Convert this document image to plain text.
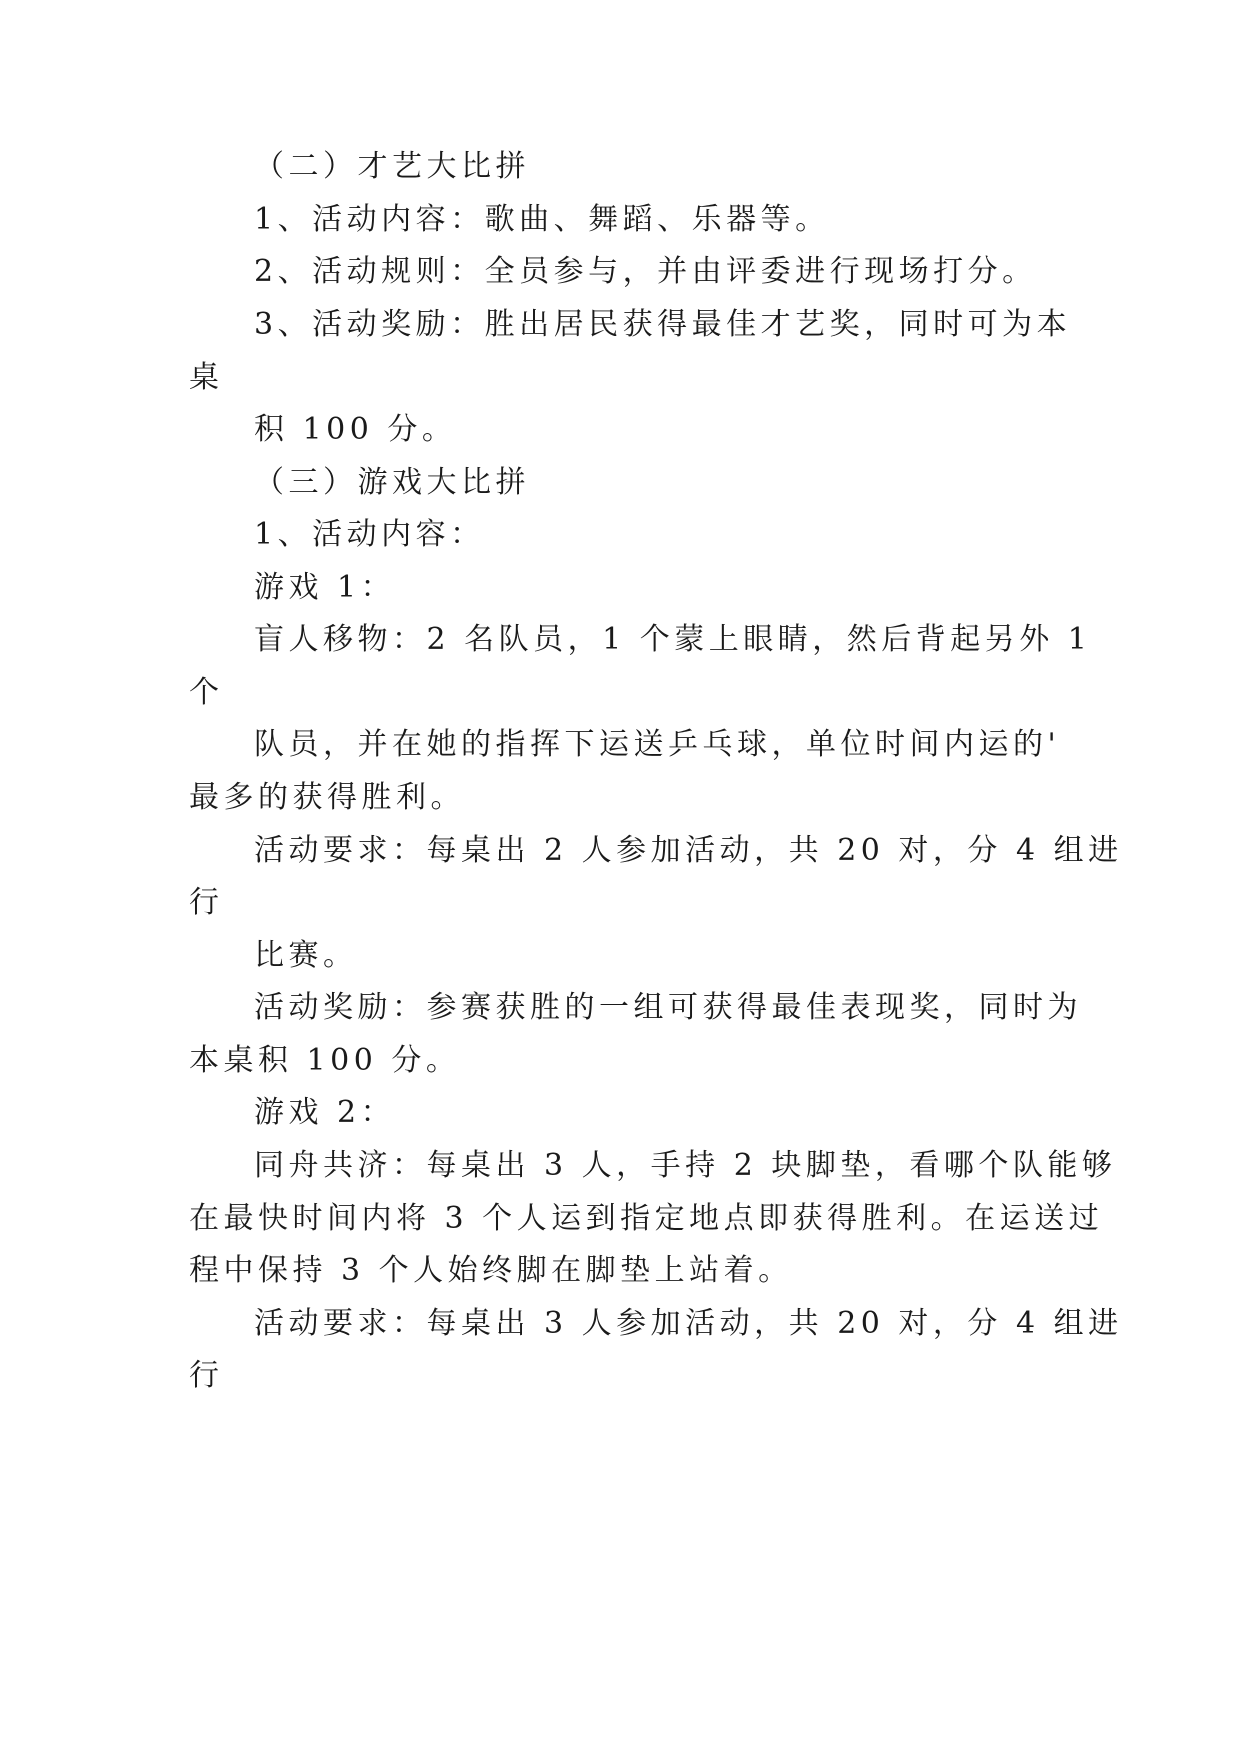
（二）才艺大比拼
1、活动内容：歌曲、舞蹈、乐器等。
2、活动规则：全员参与，并由评委进行现场打分。
3、活动奖励：胜出居民获得最佳才艺奖，同时可为本
桌
积 100 分。
（三）游戏大比拼
1、活动内容：
游戏 1：
盲人移物：2 名队员，1 个蒙上眼睛，然后背起另外 1
个
队员，并在她的指挥下运送乒乓球，单位时间内运的'
最多的获得胜利。
活动要求：每桌出 2 人参加活动，共 20 对，分 4 组进
行
比赛。
活动奖励：参赛获胜的一组可获得最佳表现奖，同时为
本桌积 100 分。
游戏 2：
同舟共济：每桌出 3 人，手持 2 块脚垫，看哪个队能够
在最快时间内将 3 个人运到指定地点即获得胜利。在运送过
程中保持 3 个人始终脚在脚垫上站着。
活动要求：每桌出 3 人参加活动，共 20 对，分 4 组进
行
